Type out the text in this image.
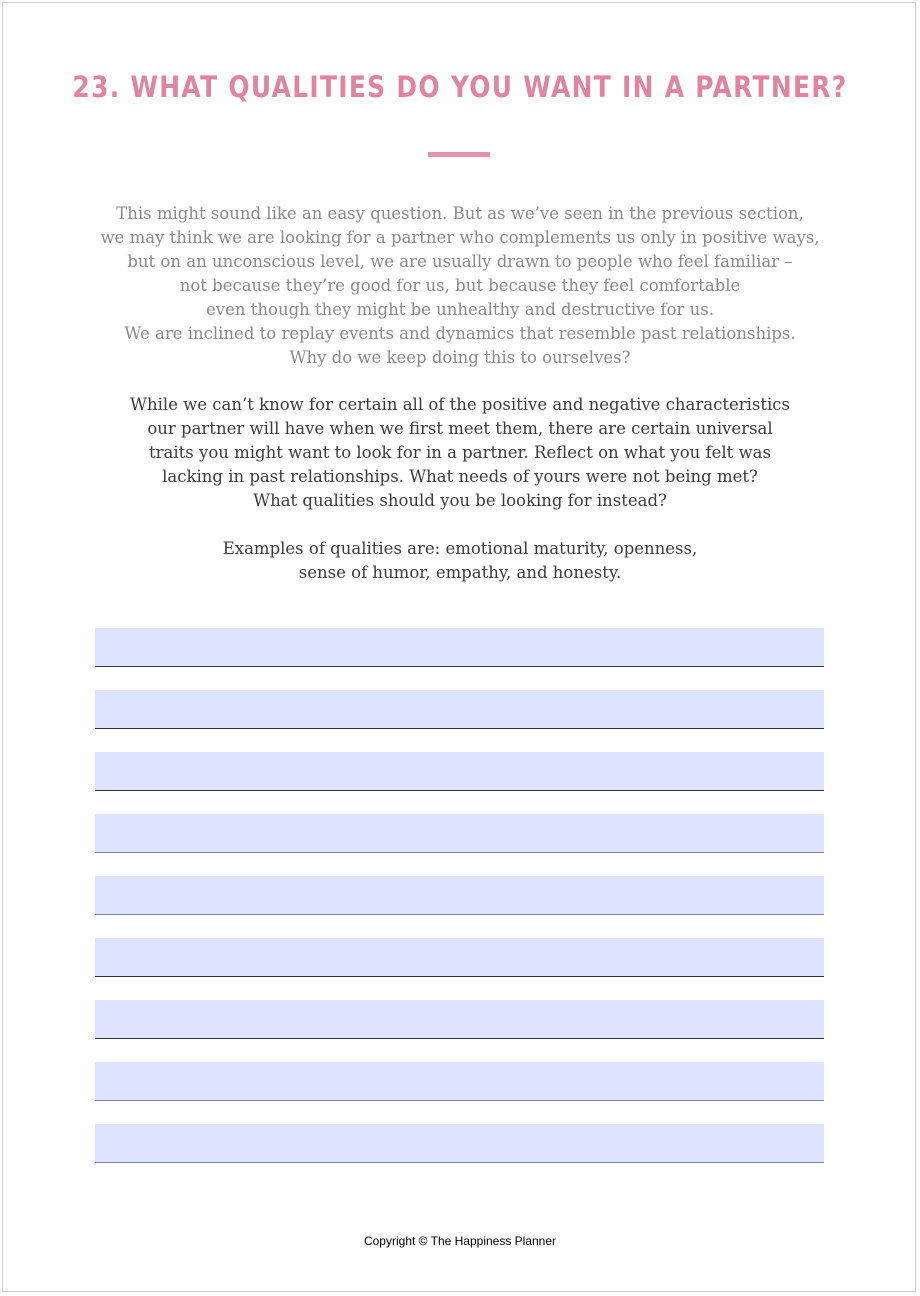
23. WHAT QUALITIES DO YOU WANT IN A PARTNER?

This might sound like an easy question. But as we’ve seen in the previous section,
we may think we are looking for a partner who complements us only in positive ways,
but on an unconscious level, we are usually drawn to people who feel familiar –
not because they’re good for us, but because they feel comfortable
even though they might be unhealthy and destructive for us.
We are inclined to replay events and dynamics that resemble past relationships.
Why do we keep doing this to ourselves?

While we can’t know for certain all of the positive and negative characteristics
our partner will have when we first meet them, there are certain universal
traits you might want to look for in a partner. Reflect on what you felt was
lacking in past relationships. What needs of yours were not being met?
What qualities should you be looking for instead?

Examples of qualities are: emotional maturity, openness,
sense of humor, empathy, and honesty.

Copyright © The Happiness Planner
